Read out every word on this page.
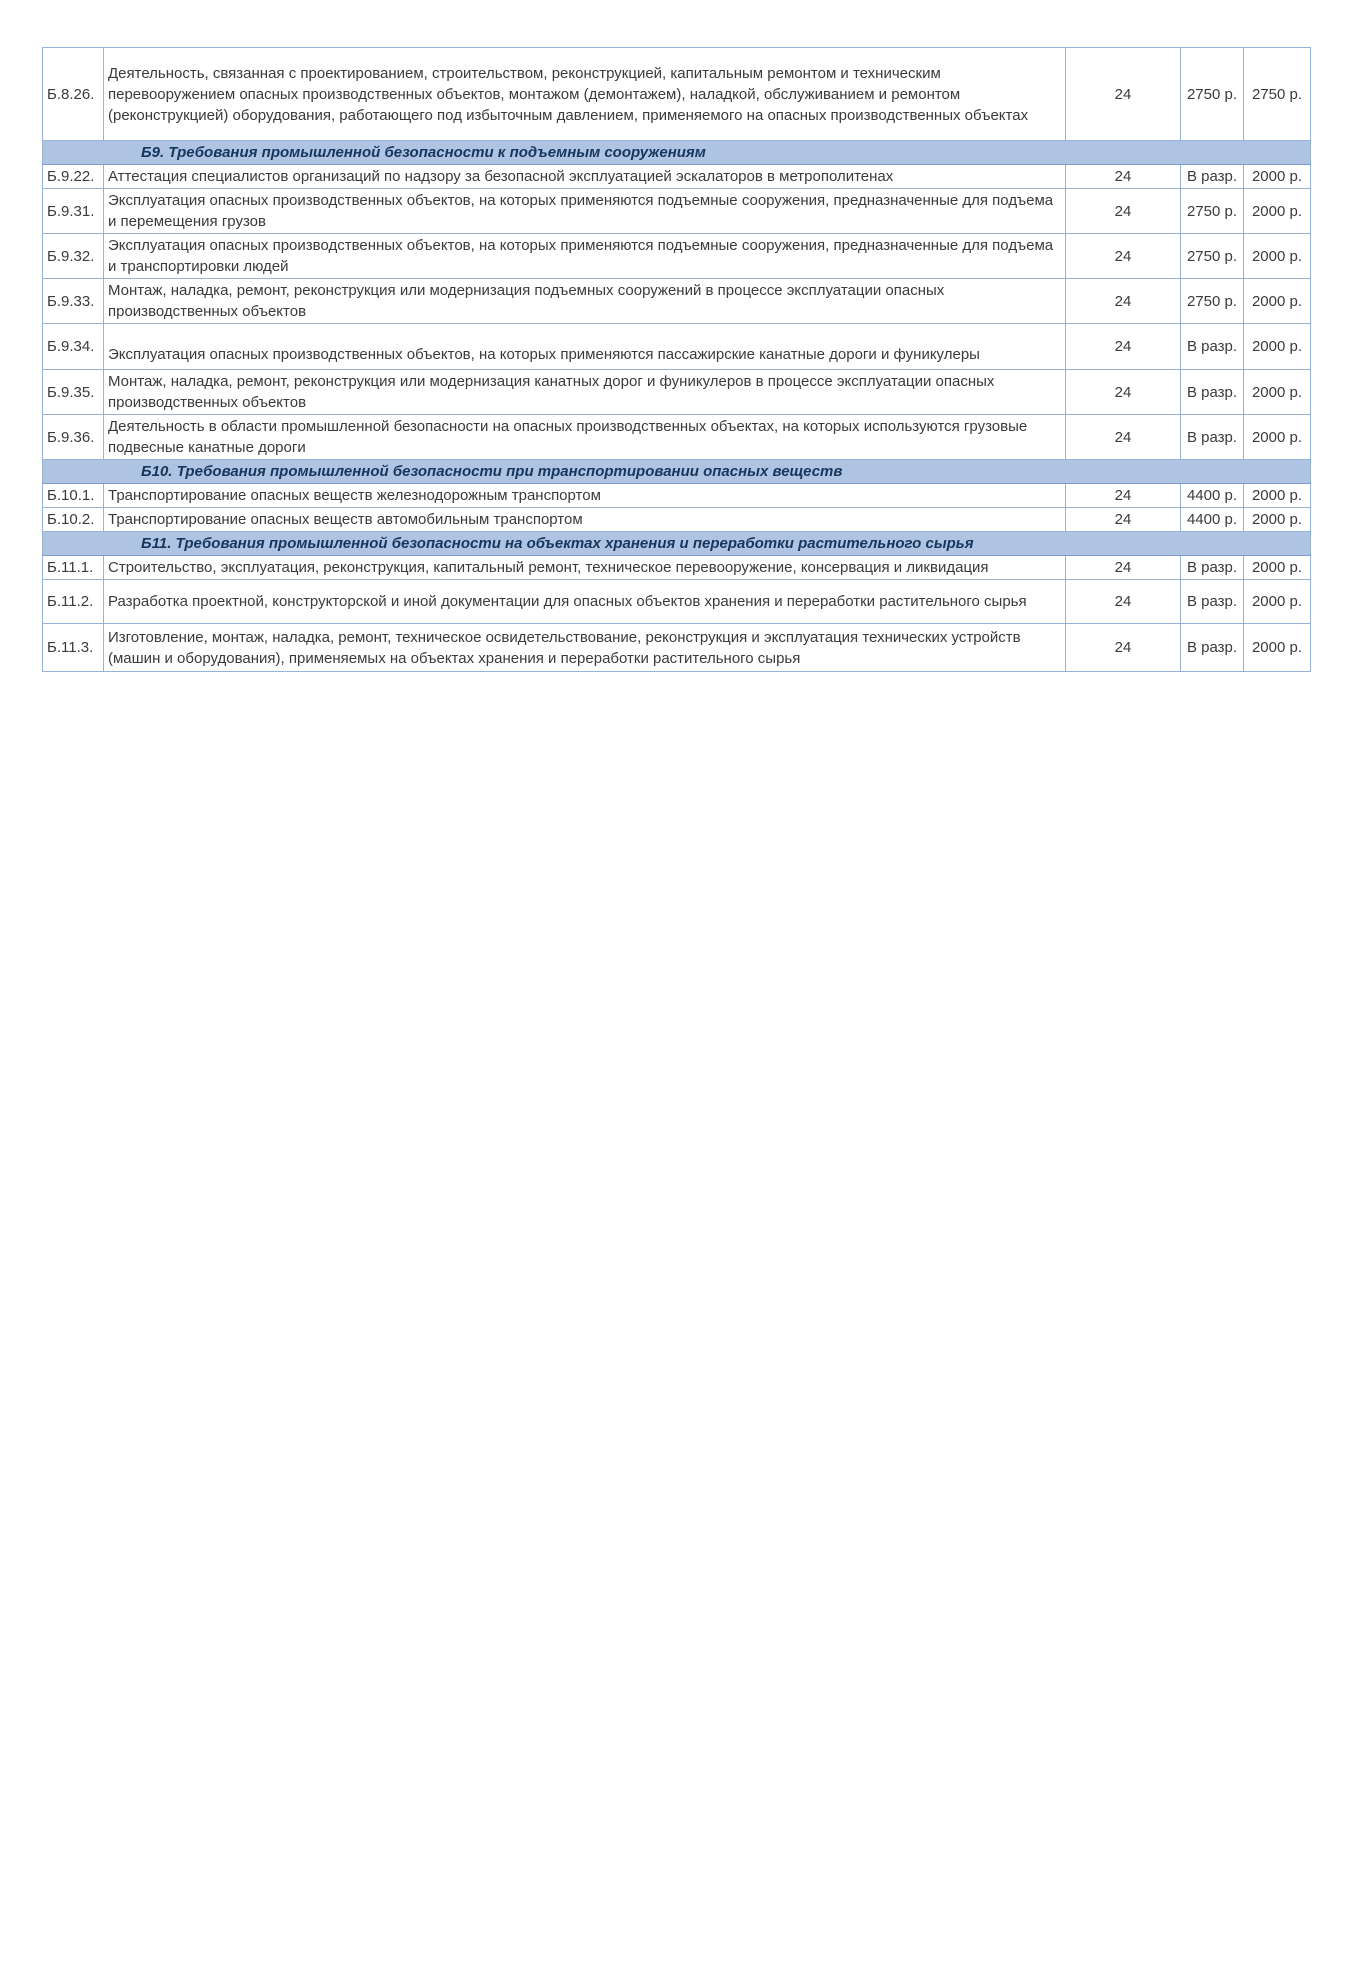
Б.8.26.	Деятельность, связанная с проектированием, строительством, реконструкцией, капитальным ремонтом и техническим перевооружением опасных производственных объектов, монтажом (демонтажем), наладкой, обслуживанием и ремонтом (реконструкцией) оборудования, работающего под избыточным давлением, применяемого на опасных производственных объектах	24	2750 р.	2750 р.
Б9. Требования промышленной безопасности к подъемным сооружениям				
Б.9.22.	Аттестация специалистов организаций по надзору за безопасной эксплуатацией эскалаторов в метрополитенах	24	В разр.	2000 р.
Б.9.31.	Эксплуатация опасных производственных объектов, на которых применяются подъемные сооружения, предназначенные для подъема и перемещения грузов	24	2750 р.	2000 р.
Б.9.32.	Эксплуатация опасных производственных объектов, на которых применяются подъемные сооружения, предназначенные для подъема и транспортировки людей	24	2750 р.	2000 р.
Б.9.33.	Монтаж, наладка, ремонт, реконструкция или модернизация подъемных сооружений в процессе эксплуатации опасных производственных объектов	24	2750 р.	2000 р.
Б.9.34.	Эксплуатация опасных производственных объектов, на которых применяются пассажирские канатные дороги и фуникулеры	24	В разр.	2000 р.
Б.9.35.	Монтаж, наладка, ремонт, реконструкция или модернизация канатных дорог и фуникулеров в процессе эксплуатации опасных производственных объектов	24	В разр.	2000 р.
Б.9.36.	Деятельность в области промышленной безопасности на опасных производственных объектах, на которых используются грузовые подвесные канатные дороги	24	В разр.	2000 р.
Б10. Требования промышленной безопасности при транспортировании опасных веществ				
Б.10.1.	Транспортирование опасных веществ железнодорожным транспортом	24	4400 р.	2000 р.
Б.10.2.	Транспортирование опасных веществ автомобильным транспортом	24	4400 р.	2000 р.
Б11. Требования промышленной безопасности на объектах хранения и переработки растительного сырья				
Б.11.1.	Строительство, эксплуатация, реконструкция, капитальный ремонт, техническое перевооружение, консервация и ликвидация	24	В разр.	2000 р.
Б.11.2.	Разработка проектной, конструкторской и иной документации для опасных объектов хранения и переработки растительного сырья	24	В разр.	2000 р.
Б.11.3.	Изготовление, монтаж, наладка, ремонт, техническое освидетельствование, реконструкция и эксплуатация технических устройств (машин и оборудования), применяемых на объектах хранения и переработки растительного сырья	24	В разр.	2000 р.
